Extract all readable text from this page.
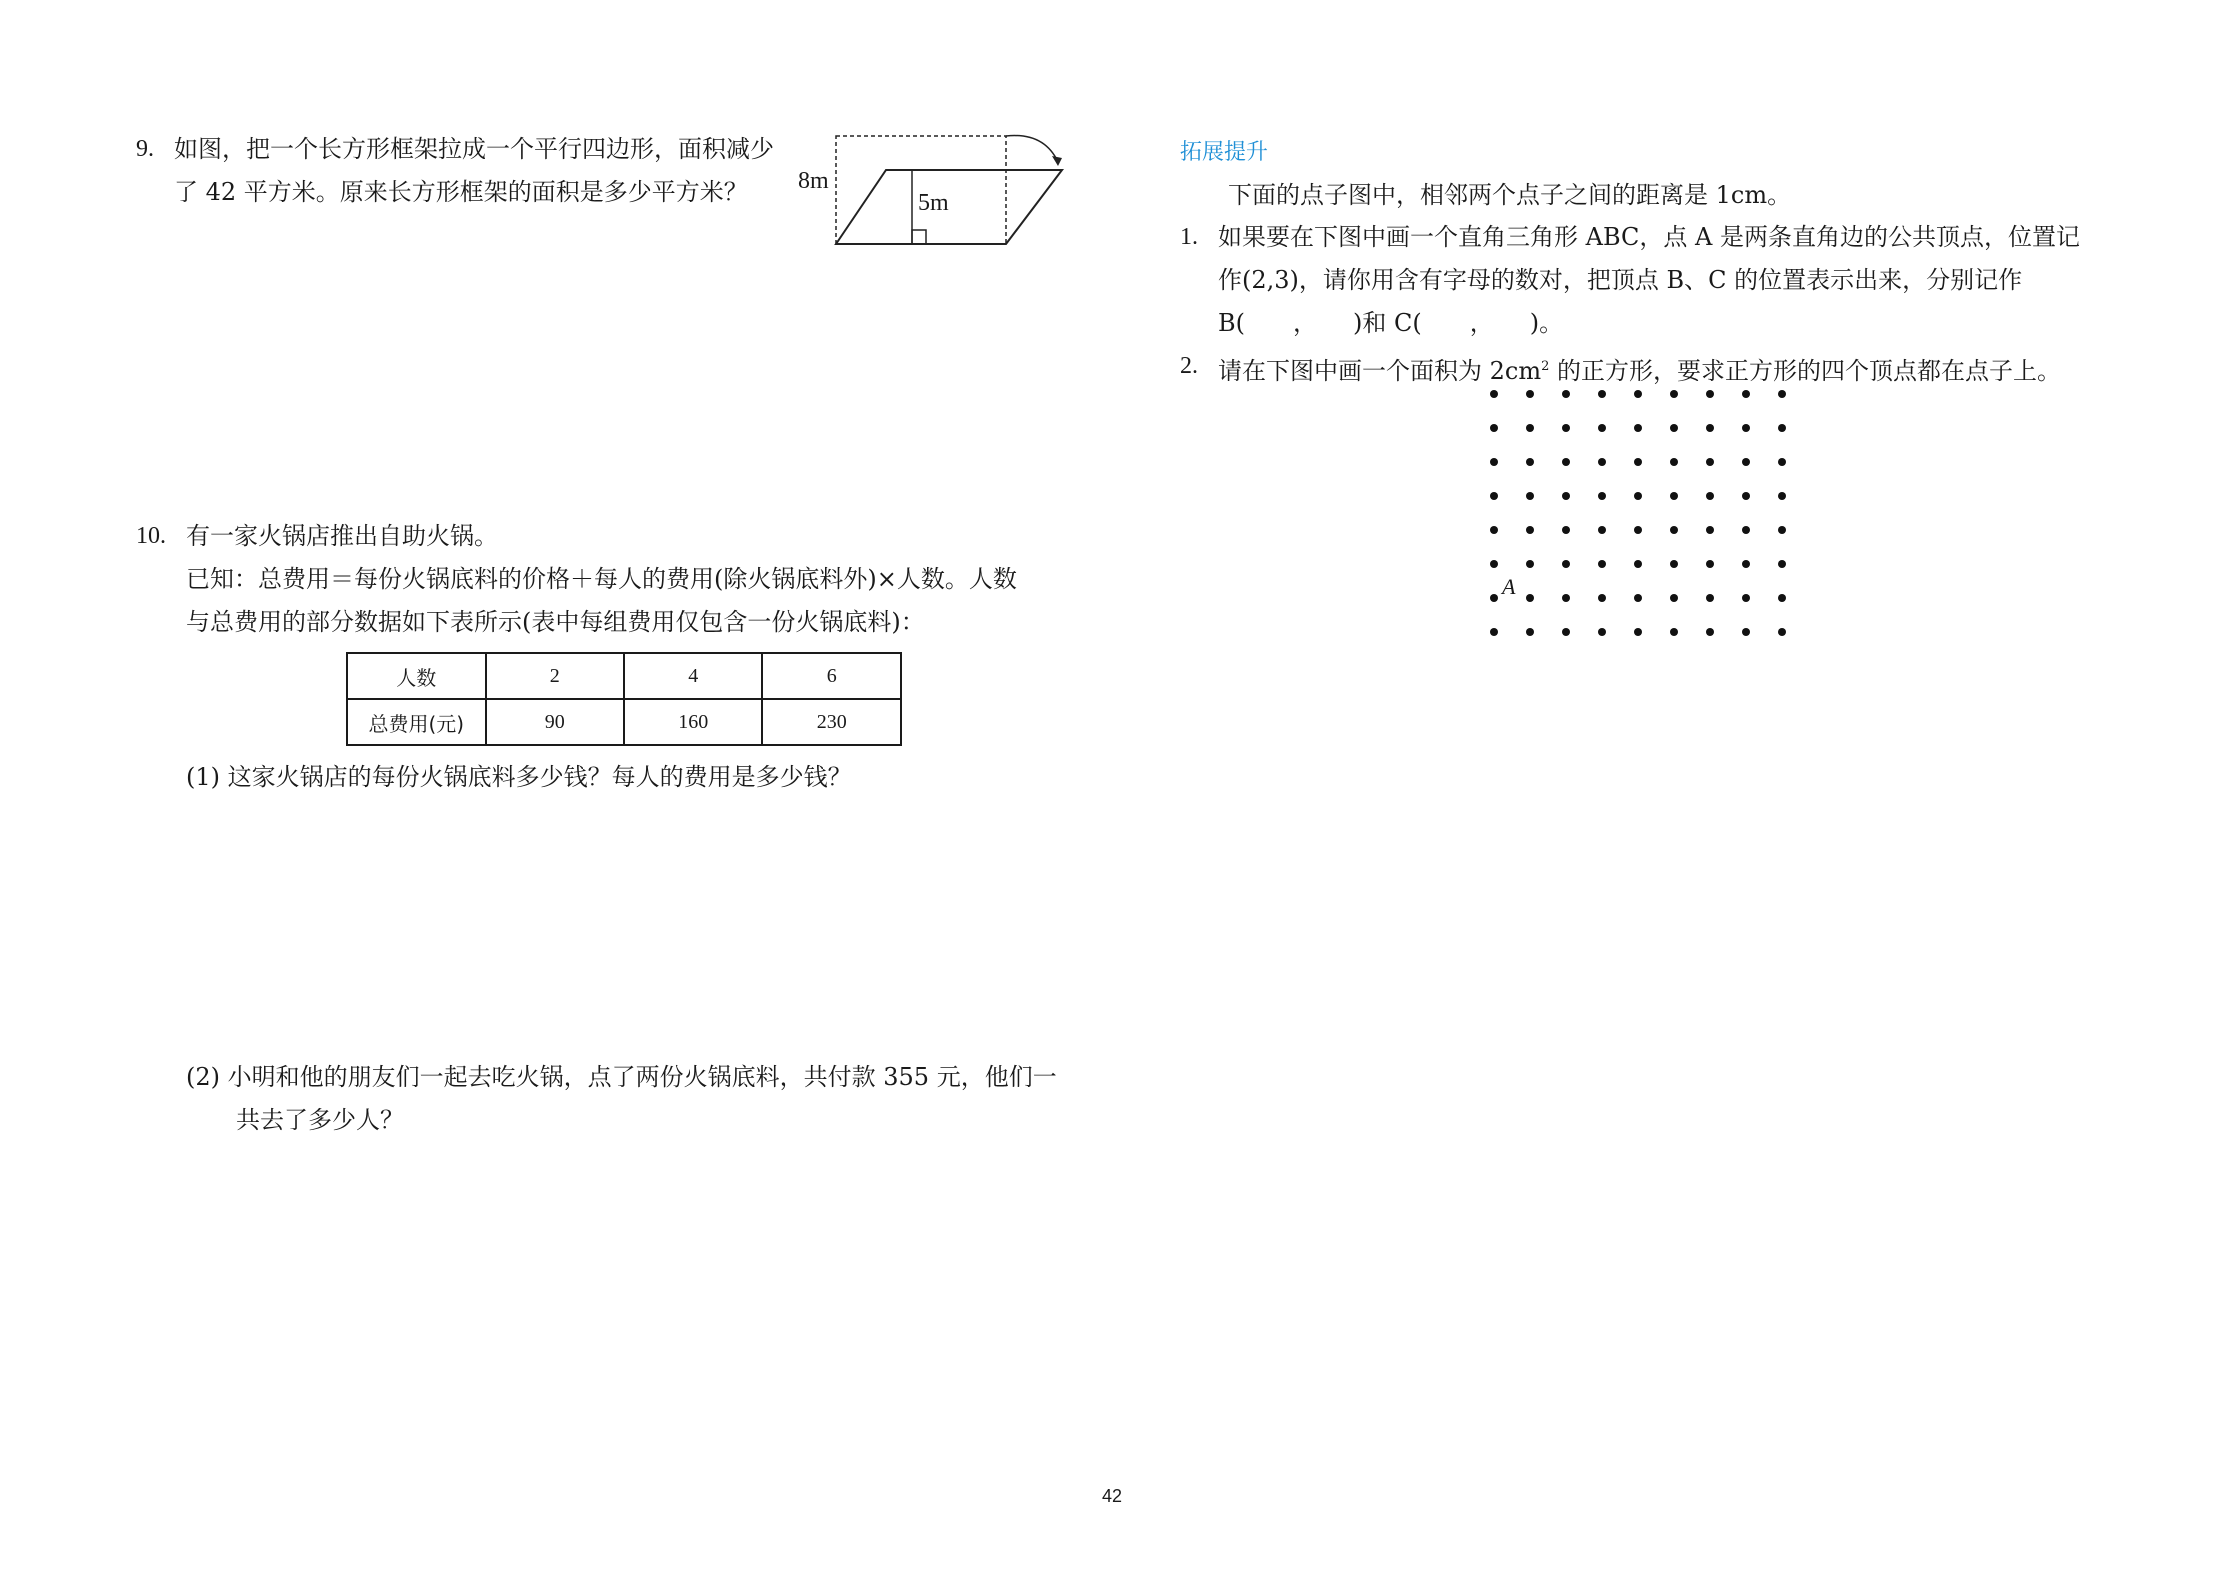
9. 如图，把一个长方形框架拉成一个平行四边形，面积减少
了 42 平方米。原来长方形框架的面积是多少平方米？ 8m
5m
10. 有一家火锅店推出自助火锅。
已知：总费用＝每份火锅底料的价格＋每人的费用(除火锅底料外)×人数。人数
与总费用的部分数据如下表所示(表中每组费用仅包含一份火锅底料)：
人数	2	4	6
总费用(元)	90	160	230
(1) 这家火锅店的每份火锅底料多少钱？每人的费用是多少钱？
(2) 小明和他的朋友们一起去吃火锅，点了两份火锅底料，共付款 355 元，他们一
共去了多少人？
拓展提升
下面的点子图中，相邻两个点子之间的距离是 1cm。
1. 如果要在下图中画一个直角三角形 ABC，点 A 是两条直角边的公共顶点，位置记
作(2,3)，请你用含有字母的数对，把顶点 B、C 的位置表示出来，分别记作
B(　　，　　)和 C(　　，　　)。
2. 请在下图中画一个面积为 $2cm^2$ 的正方形，要求正方形的四个顶点都在点子上。
A
42
